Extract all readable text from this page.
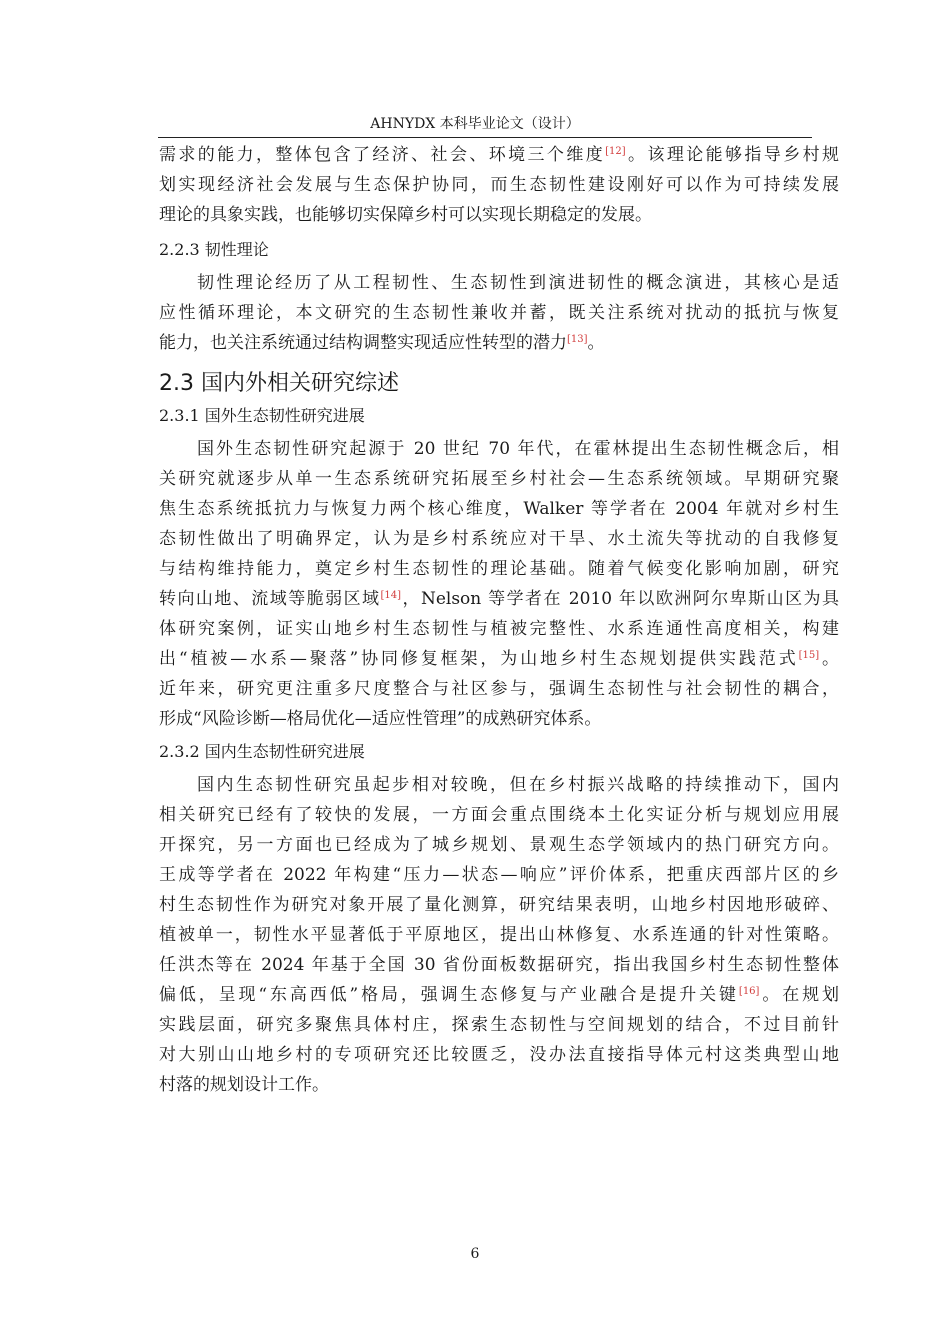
AHNYDX 本科毕业论文（设计）
需求的能力，整体包含了经济、社会、环境三个维度[12]。该理论能够指导乡村规
划实现经济社会发展与生态保护协同，而生态韧性建设刚好可以作为可持续发展
理论的具象实践，也能够切实保障乡村可以实现长期稳定的发展。
2.2.3 韧性理论
韧性理论经历了从工程韧性、生态韧性到演进韧性的概念演进，其核心是适
应性循环理论，本文研究的生态韧性兼收并蓄，既关注系统对扰动的抵抗与恢复
能力，也关注系统通过结构调整实现适应性转型的潜力[13]。
2.3 国内外相关研究综述
2.3.1 国外生态韧性研究进展
国外生态韧性研究起源于 20 世纪 70 年代，在霍林提出生态韧性概念后，相
关研究就逐步从单一生态系统研究拓展至乡村社会—生态系统领域。早期研究聚
焦生态系统抵抗力与恢复力两个核心维度，Walker 等学者在 2004 年就对乡村生
态韧性做出了明确界定，认为是乡村系统应对干旱、水土流失等扰动的自我修复
与结构维持能力，奠定乡村生态韧性的理论基础。随着气候变化影响加剧，研究
转向山地、流域等脆弱区域[14]，Nelson 等学者在 2010 年以欧洲阿尔卑斯山区为具
体研究案例，证实山地乡村生态韧性与植被完整性、水系连通性高度相关，构建
出“植被—水系—聚落”协同修复框架，为山地乡村生态规划提供实践范式[15]。
近年来，研究更注重多尺度整合与社区参与，强调生态韧性与社会韧性的耦合，
形成“风险诊断—格局优化—适应性管理”的成熟研究体系。
2.3.2 国内生态韧性研究进展
国内生态韧性研究虽起步相对较晚，但在乡村振兴战略的持续推动下，国内
相关研究已经有了较快的发展，一方面会重点围绕本土化实证分析与规划应用展
开探究，另一方面也已经成为了城乡规划、景观生态学领域内的热门研究方向。
王成等学者在 2022 年构建“压力—状态—响应”评价体系，把重庆西部片区的乡
村生态韧性作为研究对象开展了量化测算，研究结果表明，山地乡村因地形破碎、
植被单一，韧性水平显著低于平原地区，提出山林修复、水系连通的针对性策略。
任洪杰等在 2024 年基于全国 30 省份面板数据研究，指出我国乡村生态韧性整体
偏低，呈现“东高西低”格局，强调生态修复与产业融合是提升关键[16]。在规划
实践层面，研究多聚焦具体村庄，探索生态韧性与空间规划的结合，不过目前针
对大别山山地乡村的专项研究还比较匮乏，没办法直接指导体元村这类典型山地
村落的规划设计工作。
6
